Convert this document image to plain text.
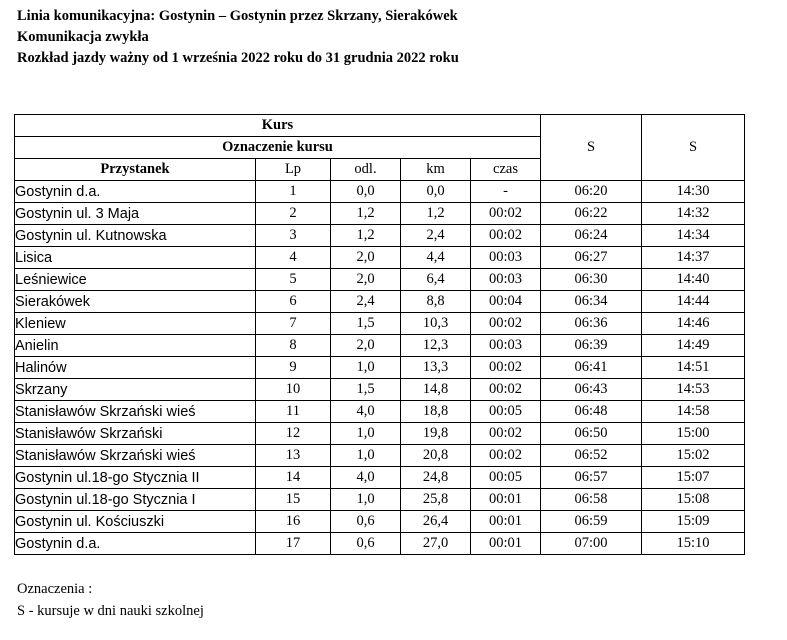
Linia komunikacyjna: Gostynin – Gostynin przez Skrzany, Sierakówek
Komunikacja zwykła
Rozkład jazdy ważny od 1 września 2022 roku do 31 grudnia 2022 roku
Kurs					S	S
Oznaczenie kursu						
Przystanek	Lp	odl.	km	czas		
Gostynin d.a.	1	0,0	0,0	-	06:20	14:30
Gostynin ul. 3 Maja	2	1,2	1,2	00:02	06:22	14:32
Gostynin ul. Kutnowska	3	1,2	2,4	00:02	06:24	14:34
Lisica	4	2,0	4,4	00:03	06:27	14:37
Leśniewice	5	2,0	6,4	00:03	06:30	14:40
Sierakówek	6	2,4	8,8	00:04	06:34	14:44
Kleniew	7	1,5	10,3	00:02	06:36	14:46
Anielin	8	2,0	12,3	00:03	06:39	14:49
Halinów	9	1,0	13,3	00:02	06:41	14:51
Skrzany	10	1,5	14,8	00:02	06:43	14:53
Stanisławów Skrzański wieś	11	4,0	18,8	00:05	06:48	14:58
Stanisławów Skrzański	12	1,0	19,8	00:02	06:50	15:00
Stanisławów Skrzański wieś	13	1,0	20,8	00:02	06:52	15:02
Gostynin ul.18-go Stycznia II	14	4,0	24,8	00:05	06:57	15:07
Gostynin ul.18-go Stycznia I	15	1,0	25,8	00:01	06:58	15:08
Gostynin ul. Kościuszki	16	0,6	26,4	00:01	06:59	15:09
Gostynin d.a.	17	0,6	27,0	00:01	07:00	15:10
Oznaczenia :
S - kursuje w dni nauki szkolnej
